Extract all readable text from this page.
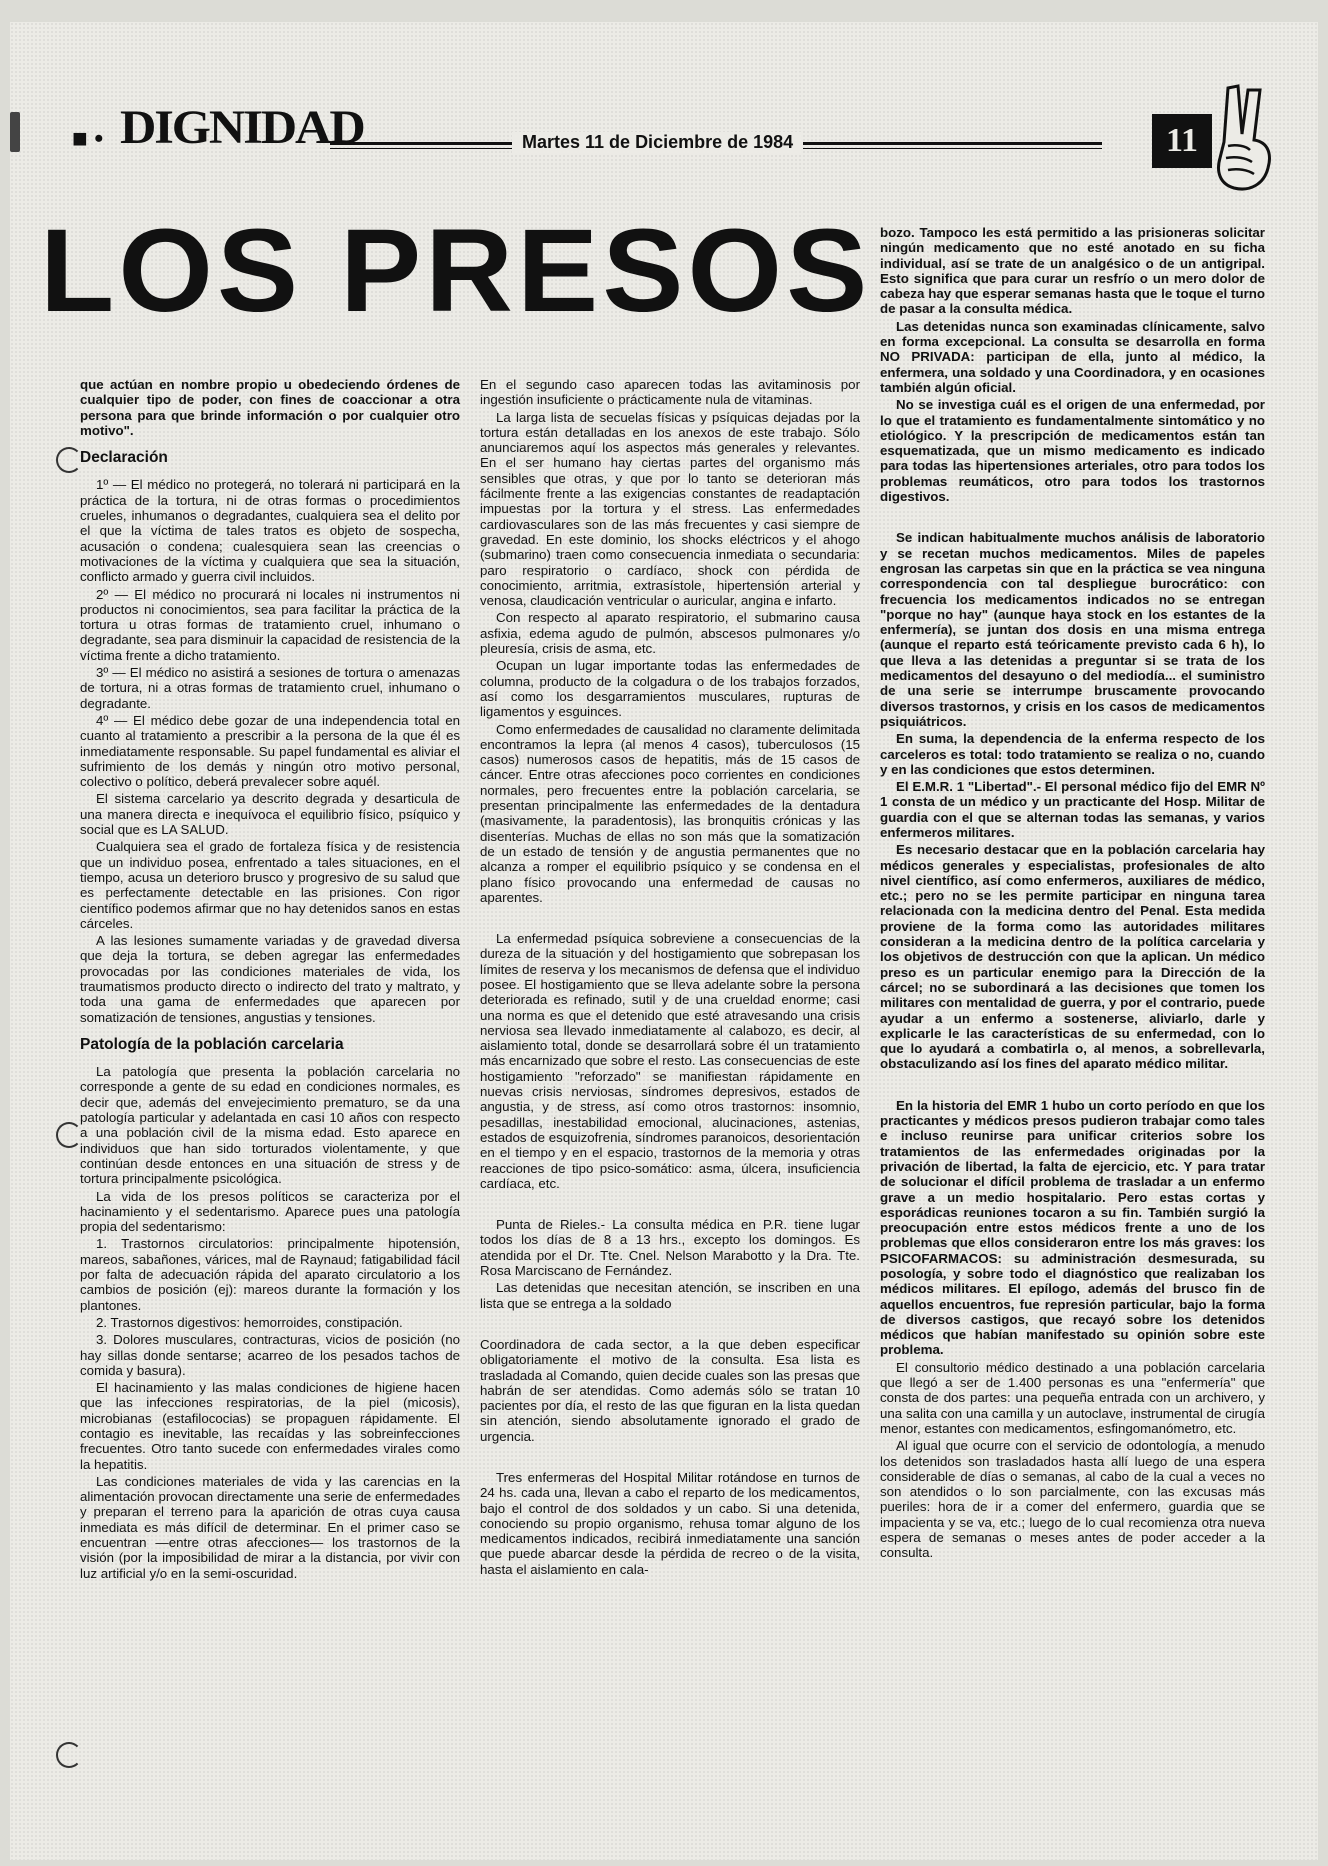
■ • DIGNIDAD	Martes 11 de Diciembre de 1984	11
LOS PRESOS

que actúan en nombre propio u obedeciendo órdenes de cualquier tipo de poder, con fines de coaccionar a otra persona para que brinde información o por cualquier otro motivo".

Declaración

1º — El médico no protegerá, no tolerará ni participará en la práctica de la tortura, ni de otras formas o procedimientos crueles, inhumanos o degradantes, cualquiera sea el delito por el que la víctima de tales tratos es objeto de sospecha, acusación o condena; cualesquiera sean las creencias o motivaciones de la víctima y cualquiera que sea la situación, conflicto armado y guerra civil incluidos.

2º — El médico no procurará ni locales ni instrumentos ni productos ni conocimientos, sea para facilitar la práctica de la tortura u otras formas de tratamiento cruel, inhumano o degradante, sea para disminuir la capacidad de resistencia de la víctima frente a dicho tratamiento.

3º — El médico no asistirá a sesiones de tortura o amenazas de tortura, ni a otras formas de tratamiento cruel, inhumano o degradante.

4º — El médico debe gozar de una independencia total en cuanto al tratamiento a prescribir a la persona de la que él es inmediatamente responsable. Su papel fundamental es aliviar el sufrimiento de los demás y ningún otro motivo personal, colectivo o político, deberá prevalecer sobre aquél.

El sistema carcelario ya descrito degrada y desarticula de una manera directa e inequívoca el equilibrio físico, psíquico y social que es LA SALUD.

Cualquiera sea el grado de fortaleza física y de resistencia que un individuo posea, enfrentado a tales situaciones, en el tiempo, acusa un deterioro brusco y progresivo de su salud que es perfectamente detectable en las prisiones. Con rigor científico podemos afirmar que no hay detenidos sanos en estas cárceles.

A las lesiones sumamente variadas y de gravedad diversa que deja la tortura, se deben agregar las enfermedades provocadas por las condiciones materiales de vida, los traumatismos producto directo o indirecto del trato y maltrato, y toda una gama de enfermedades que aparecen por somatización de tensiones, angustias y tensiones.

Patología de la población carcelaria

La patología que presenta la población carcelaria no corresponde a gente de su edad en condiciones normales, es decir que, además del envejecimiento prematuro, se da una patología particular y adelantada en casi 10 años con respecto a una población civil de la misma edad. Esto aparece en individuos que han sido torturados violentamente, y que continúan desde entonces en una situación de stress y de tortura principalmente psicológica.

La vida de los presos políticos se caracteriza por el hacinamiento y el sedentarismo. Aparece pues una patología propia del sedentarismo:

1. Trastornos circulatorios: principalmente hipotensión, mareos, sabañones, várices, mal de Raynaud; fatigabilidad fácil por falta de adecuación rápida del aparato circulatorio a los cambios de posición (ej): mareos durante la formación y los plantones.

2. Trastornos digestivos: hemorroides, constipación.

3. Dolores musculares, contracturas, vicios de posición (no hay sillas donde sentarse; acarreo de los pesados tachos de comida y basura).

El hacinamiento y las malas condiciones de higiene hacen que las infecciones respiratorias, de la piel (micosis), microbianas (estafilococias) se propaguen rápidamente. El contagio es inevitable, las recaídas y las sobreinfecciones frecuentes. Otro tanto sucede con enfermedades virales como la hepatitis.

Las condiciones materiales de vida y las carencias en la alimentación provocan directamente una serie de enfermedades y preparan el terreno para la aparición de otras cuya causa inmediata es más difícil de determinar. En el primer caso se encuentran —entre otras afecciones— los trastornos de la visión (por la imposibilidad de mirar a la distancia, por vivir con luz artificial y/o en la semi-oscuridad.

En el segundo caso aparecen todas las avitaminosis por ingestión insuficiente o prácticamente nula de vitaminas.

La larga lista de secuelas físicas y psíquicas dejadas por la tortura están detalladas en los anexos de este trabajo. Sólo anunciaremos aquí los aspectos más generales y relevantes. En el ser humano hay ciertas partes del organismo más sensibles que otras, y que por lo tanto se deterioran más fácilmente frente a las exigencias constantes de readaptación impuestas por la tortura y el stress. Las enfermedades cardiovasculares son de las más frecuentes y casi siempre de gravedad. En este dominio, los shocks eléctricos y el ahogo (submarino) traen como consecuencia inmediata o secundaria: paro respiratorio o cardíaco, shock con pérdida de conocimiento, arritmia, extrasístole, hipertensión arterial y venosa, claudicación ventricular o auricular, angina e infarto.

Con respecto al aparato respiratorio, el submarino causa asfixia, edema agudo de pulmón, abscesos pulmonares y/o pleuresía, crisis de asma, etc.

Ocupan un lugar importante todas las enfermedades de columna, producto de la colgadura o de los trabajos forzados, así como los desgarramientos musculares, rupturas de ligamentos y esguinces.

Como enfermedades de causalidad no claramente delimitada encontramos la lepra (al menos 4 casos), tuberculosos (15 casos) numerosos casos de hepatitis, más de 15 casos de cáncer. Entre otras afecciones poco corrientes en condiciones normales, pero frecuentes entre la población carcelaria, se presentan principalmente las enfermedades de la dentadura (masivamente, la paradentosis), las bronquitis crónicas y las disenterías. Muchas de ellas no son más que la somatización de un estado de tensión y de angustia permanentes que no alcanza a romper el equilibrio psíquico y se condensa en el plano físico provocando una enfermedad de causas no aparentes.

La enfermedad psíquica sobreviene a consecuencias de la dureza de la situación y del hostigamiento que sobrepasan los límites de reserva y los mecanismos de defensa que el individuo posee. El hostigamiento que se lleva adelante sobre la persona deteriorada es refinado, sutil y de una crueldad enorme; casi una norma es que el detenido que esté atravesando una crisis nerviosa sea llevado inmediatamente al calabozo, es decir, al aislamiento total, donde se desarrollará sobre él un tratamiento más encarnizado que sobre el resto. Las consecuencias de este hostigamiento "reforzado" se manifiestan rápidamente en nuevas crisis nerviosas, síndromes depresivos, estados de angustia, y de stress, así como otros trastornos: insomnio, pesadillas, inestabilidad emocional, alucinaciones, astenias, estados de esquizofrenia, síndromes paranoicos, desorientación en el tiempo y en el espacio, trastornos de la memoria y otras reacciones de tipo psico-somático: asma, úlcera, insuficiencia cardíaca, etc.

Punta de Rieles.- La consulta médica en P.R. tiene lugar todos los días de 8 a 13 hrs., excepto los domingos. Es atendida por el Dr. Tte. Cnel. Nelson Marabotto y la Dra. Tte. Rosa Marciscano de Fernández.

Las detenidas que necesitan atención, se inscriben en una lista que se entrega a la soldado

Coordinadora de cada sector, a la que deben especificar obligatoriamente el motivo de la consulta. Esa lista es trasladada al Comando, quien decide cuales son las presas que habrán de ser atendidas. Como además sólo se tratan 10 pacientes por día, el resto de las que figuran en la lista quedan sin atención, siendo absolutamente ignorado el grado de urgencia.

Tres enfermeras del Hospital Militar rotándose en turnos de 24 hs. cada una, llevan a cabo el reparto de los medicamentos, bajo el control de dos soldados y un cabo. Si una detenida, conociendo su propio organismo, rehusa tomar alguno de los medicamentos indicados, recibirá inmediatamente una sanción que puede abarcar desde la pérdida de recreo o de la visita, hasta el aislamiento en cala-

bozo. Tampoco les está permitido a las prisioneras solicitar ningún medicamento que no esté anotado en su ficha individual, así se trate de un analgésico o de un antigripal. Esto significa que para curar un resfrío o un mero dolor de cabeza hay que esperar semanas hasta que le toque el turno de pasar a la consulta médica.

Las detenidas nunca son examinadas clínicamente, salvo en forma excepcional. La consulta se desarrolla en forma NO PRIVADA: participan de ella, junto al médico, la enfermera, una soldado y una Coordinadora, y en ocasiones también algún oficial.

No se investiga cuál es el origen de una enfermedad, por lo que el tratamiento es fundamentalmente sintomático y no etiológico. Y la prescripción de medicamentos están tan esquematizada, que un mismo medicamento es indicado para todas las hipertensiones arteriales, otro para todos los problemas reumáticos, otro para todos los trastornos digestivos.

Se indican habitualmente muchos análisis de laboratorio y se recetan muchos medicamentos. Miles de papeles engrosan las carpetas sin que en la práctica se vea ninguna correspondencia con tal despliegue burocrático: con frecuencia los medicamentos indicados no se entregan "porque no hay" (aunque haya stock en los estantes de la enfermería), se juntan dos dosis en una misma entrega (aunque el reparto está teóricamente previsto cada 6 h), lo que lleva a las detenidas a preguntar si se trata de los medicamentos del desayuno o del mediodía... el suministro de una serie se interrumpe bruscamente provocando diversos trastornos, y crisis en los casos de medicamentos psiquiátricos.

En suma, la dependencia de la enferma respecto de los carceleros es total: todo tratamiento se realiza o no, cuando y en las condiciones que estos determinen.

El E.M.R. 1 "Libertad".- El personal médico fijo del EMR Nº 1 consta de un médico y un practicante del Hosp. Militar de guardia con el que se alternan todas las semanas, y varios enfermeros militares.

Es necesario destacar que en la población carcelaria hay médicos generales y especialistas, profesionales de alto nivel científico, así como enfermeros, auxiliares de médico, etc.; pero no se les permite participar en ninguna tarea relacionada con la medicina dentro del Penal. Esta medida proviene de la forma como las autoridades militares consideran a la medicina dentro de la política carcelaria y los objetivos de destrucción con que la aplican. Un médico preso es un particular enemigo para la Dirección de la cárcel; no se subordinará a las decisiones que tomen los militares con mentalidad de guerra, y por el contrario, puede ayudar a un enfermo a sostenerse, aliviarlo, darle y explicarle le las características de su enfermedad, con lo que lo ayudará a combatirla o, al menos, a sobrellevarla, obstaculizando así los fines del aparato médico militar.

En la historia del EMR 1 hubo un corto período en que los practicantes y médicos presos pudieron trabajar como tales e incluso reunirse para unificar criterios sobre los tratamientos de las enfermedades originadas por la privación de libertad, la falta de ejercicio, etc. Y para tratar de solucionar el difícil problema de trasladar a un enfermo grave a un medio hospitalario. Pero estas cortas y esporádicas reuniones tocaron a su fin. También surgió la preocupación entre estos médicos frente a uno de los problemas que ellos consideraron entre los más graves: los PSICOFARMACOS: su administración desmesurada, su posología, y sobre todo el diagnóstico que realizaban los médicos militares. El epílogo, además del brusco fin de aquellos encuentros, fue represión particular, bajo la forma de diversos castigos, que recayó sobre los detenidos médicos que habían manifestado su opinión sobre este problema.

El consultorio médico destinado a una población carcelaria que llegó a ser de 1.400 personas es una "enfermería" que consta de dos partes: una pequeña entrada con un archivero, y una salita con una camilla y un autoclave, instrumental de cirugía menor, estantes con medicamentos, esfingomanómetro, etc.

Al igual que ocurre con el servicio de odontología, a menudo los detenidos son trasladados hasta allí luego de una espera considerable de días o semanas, al cabo de la cual a veces no son atendidos o lo son parcialmente, con las excusas más pueriles: hora de ir a comer del enfermero, guardia que se impacienta y se va, etc.; luego de lo cual recomienza otra nueva espera de semanas o meses antes de poder acceder a la consulta.
